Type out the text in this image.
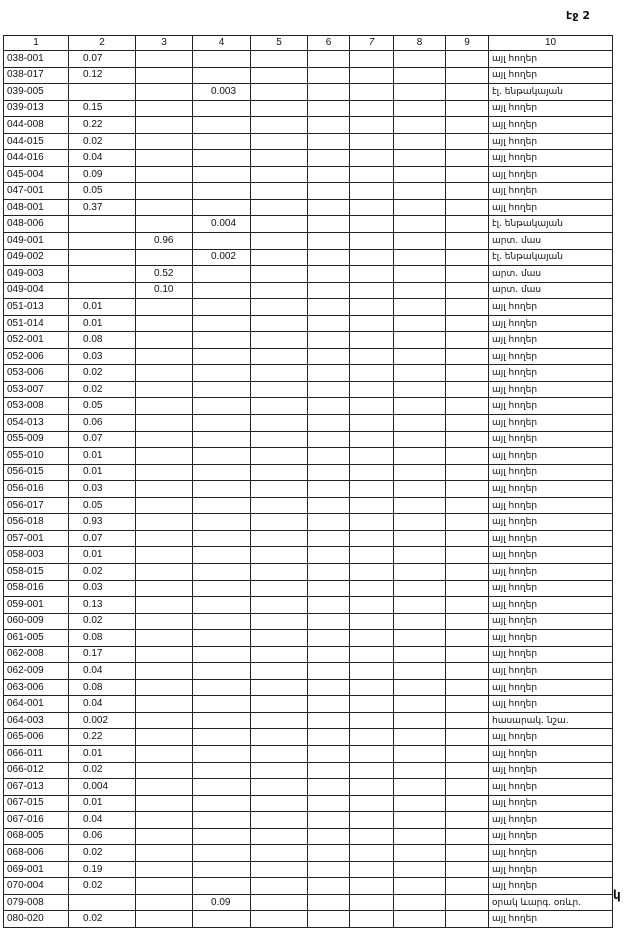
էջ 2
1	2	3	4	5	6	7	8	9	10
038-001	0.07								այլ հողեր
038-017	0.12								այլ հողեր
039-005			0.003						էլ. ենթակայան
039-013	0.15								այլ հողեր
044-008	0.22								այլ հողեր
044-015	0.02								այլ հողեր
044-016	0.04								այլ հողեր
045-004	0.09								այլ հողեր
047-001	0.05								այլ հողեր
048-001	0.37								այլ հողեր
048-006			0.004						էլ. ենթակայան
049-001		0.96							արտ. մաս
049-002			0.002						էլ. ենթակայան
049-003		0.52							արտ. մաս
049-004		0.10							արտ. մաս
051-013	0.01								այլ հողեր
051-014	0.01								այլ հողեր
052-001	0.08								այլ հողեր
052-006	0.03								այլ հողեր
053-006	0.02								այլ հողեր
053-007	0.02								այլ հողեր
053-008	0.05								այլ հողեր
054-013	0.06								այլ հողեր
055-009	0.07								այլ հողեր
055-010	0.01								այլ հողեր
056-015	0.01								այլ հողեր
056-016	0.03								այլ հողեր
056-017	0.05								այլ հողեր
056-018	0.93								այլ հողեր
057-001	0.07								այլ հողեր
058-003	0.01								այլ հողեր
058-015	0.02								այլ հողեր
058-016	0.03								այլ հողեր
059-001	0.13								այլ հողեր
060-009	0.02								այլ հողեր
061-005	0.08								այլ հողեր
062-008	0.17								այլ հողեր
062-009	0.04								այլ հողեր
063-006	0.08								այլ հողեր
064-001	0.04								այլ հողեր
064-003	0.002								հասարակ. նշա.
065-006	0.22								այլ հողեր
066-011	0.01								այլ հողեր
066-012	0.02								այլ հողեր
067-013	0.004								այլ հողեր
067-015	0.01								այլ հողեր
067-016	0.04								այլ հողեր
068-005	0.06								այլ հողեր
068-006	0.02								այլ հողեր
069-001	0.19								այլ հողեր
070-004	0.02								այլ հողեր
079-008			0.09						օրակ ևարգ. օռևր.
080-020	0.02								այլ հողեր
կ
